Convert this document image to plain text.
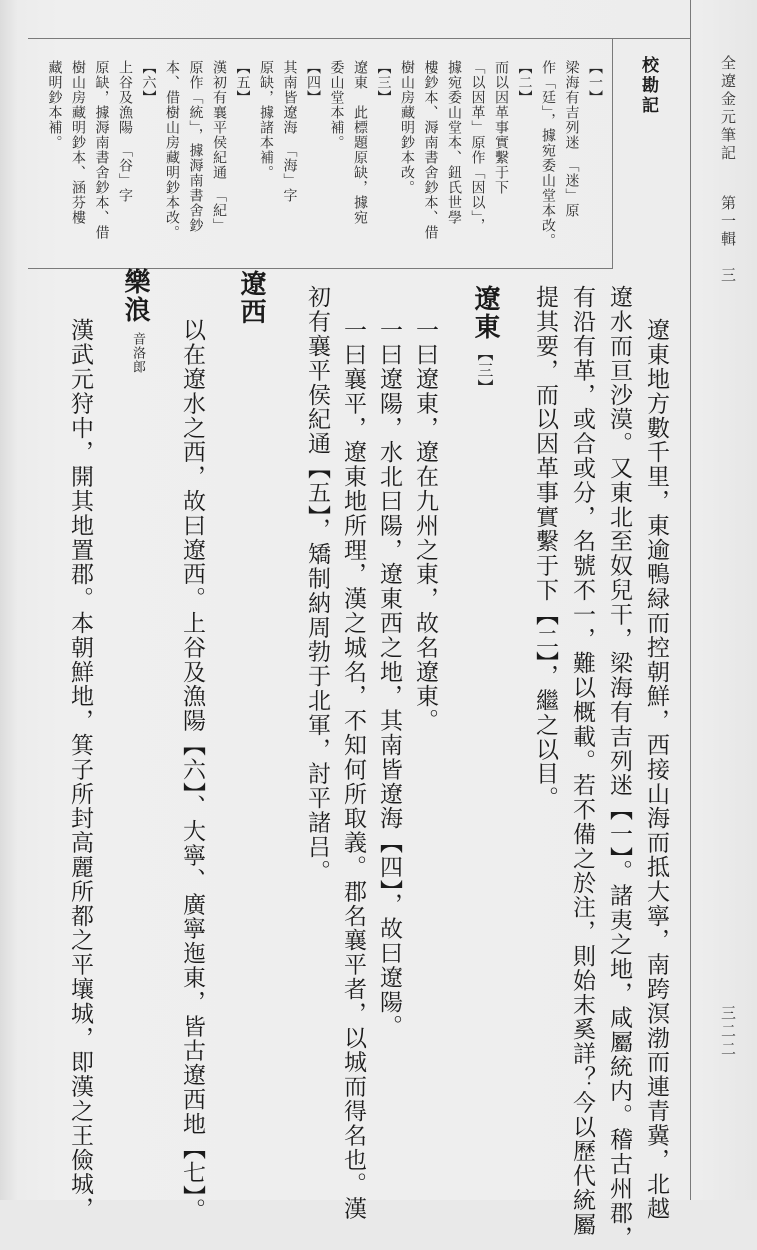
全遼金元筆記
第一輯　三
三二二
校勘記
【一】
梁海有吉列迷　「迷」原
作「廷」，據宛委山堂本改。
【二】
而以因革事實繫于下
「以因革」原作「因以」，
據宛委山堂本、鈕氏世學
樓鈔本、溽南書舍鈔本、借
樹山房藏明鈔本改。
【三】
遼東　此標題原缺，據宛
委山堂本補。
【四】
其南皆遼海　「海」字
原缺，據諸本補。
【五】
漢初有襄平侯紀通　「紀」
原作「統」，據溽南書舍鈔
本、借樹山房藏明鈔本改。
【六】
上谷及漁陽　「谷」字
原缺，據溽南書舍鈔本、借
樹山房藏明鈔本、涵芬樓
藏明鈔本補。
遼東地方數千里，東逾鴨緑而控朝鮮，西接山海而抵大寧，南跨溟渤而連青冀，北越
遼水而亘沙漠。又東北至奴兒干，梁海有吉列迷【一】。諸夷之地，咸屬統内。稽古州郡，
有沿有革，或合或分，名號不一，難以概載。若不備之於注，則始末奚詳？今以歷代統屬
提其要，而以因革事實繫于下【二】，繼之以目。
一曰遼東，遼在九州之東，故名遼東。
一曰遼陽，水北曰陽，遼東西之地，其南皆遼海【四】，故曰遼陽。
一曰襄平，遼東地所理，漢之城名，不知何所取義。郡名襄平者，以城而得名也。漢
初有襄平侯紀通【五】，矯制納周勃于北軍，討平諸吕。
以在遼水之西，故曰遼西。上谷及漁陽【六】、大寧、廣寧迤東，皆古遼西地【七】。
漢武元狩中，開其地置郡。本朝鮮地，箕子所封高麗所都之平壤城，即漢之王儉城，
遼東
【三】
遼西
樂浪
音洛郎
